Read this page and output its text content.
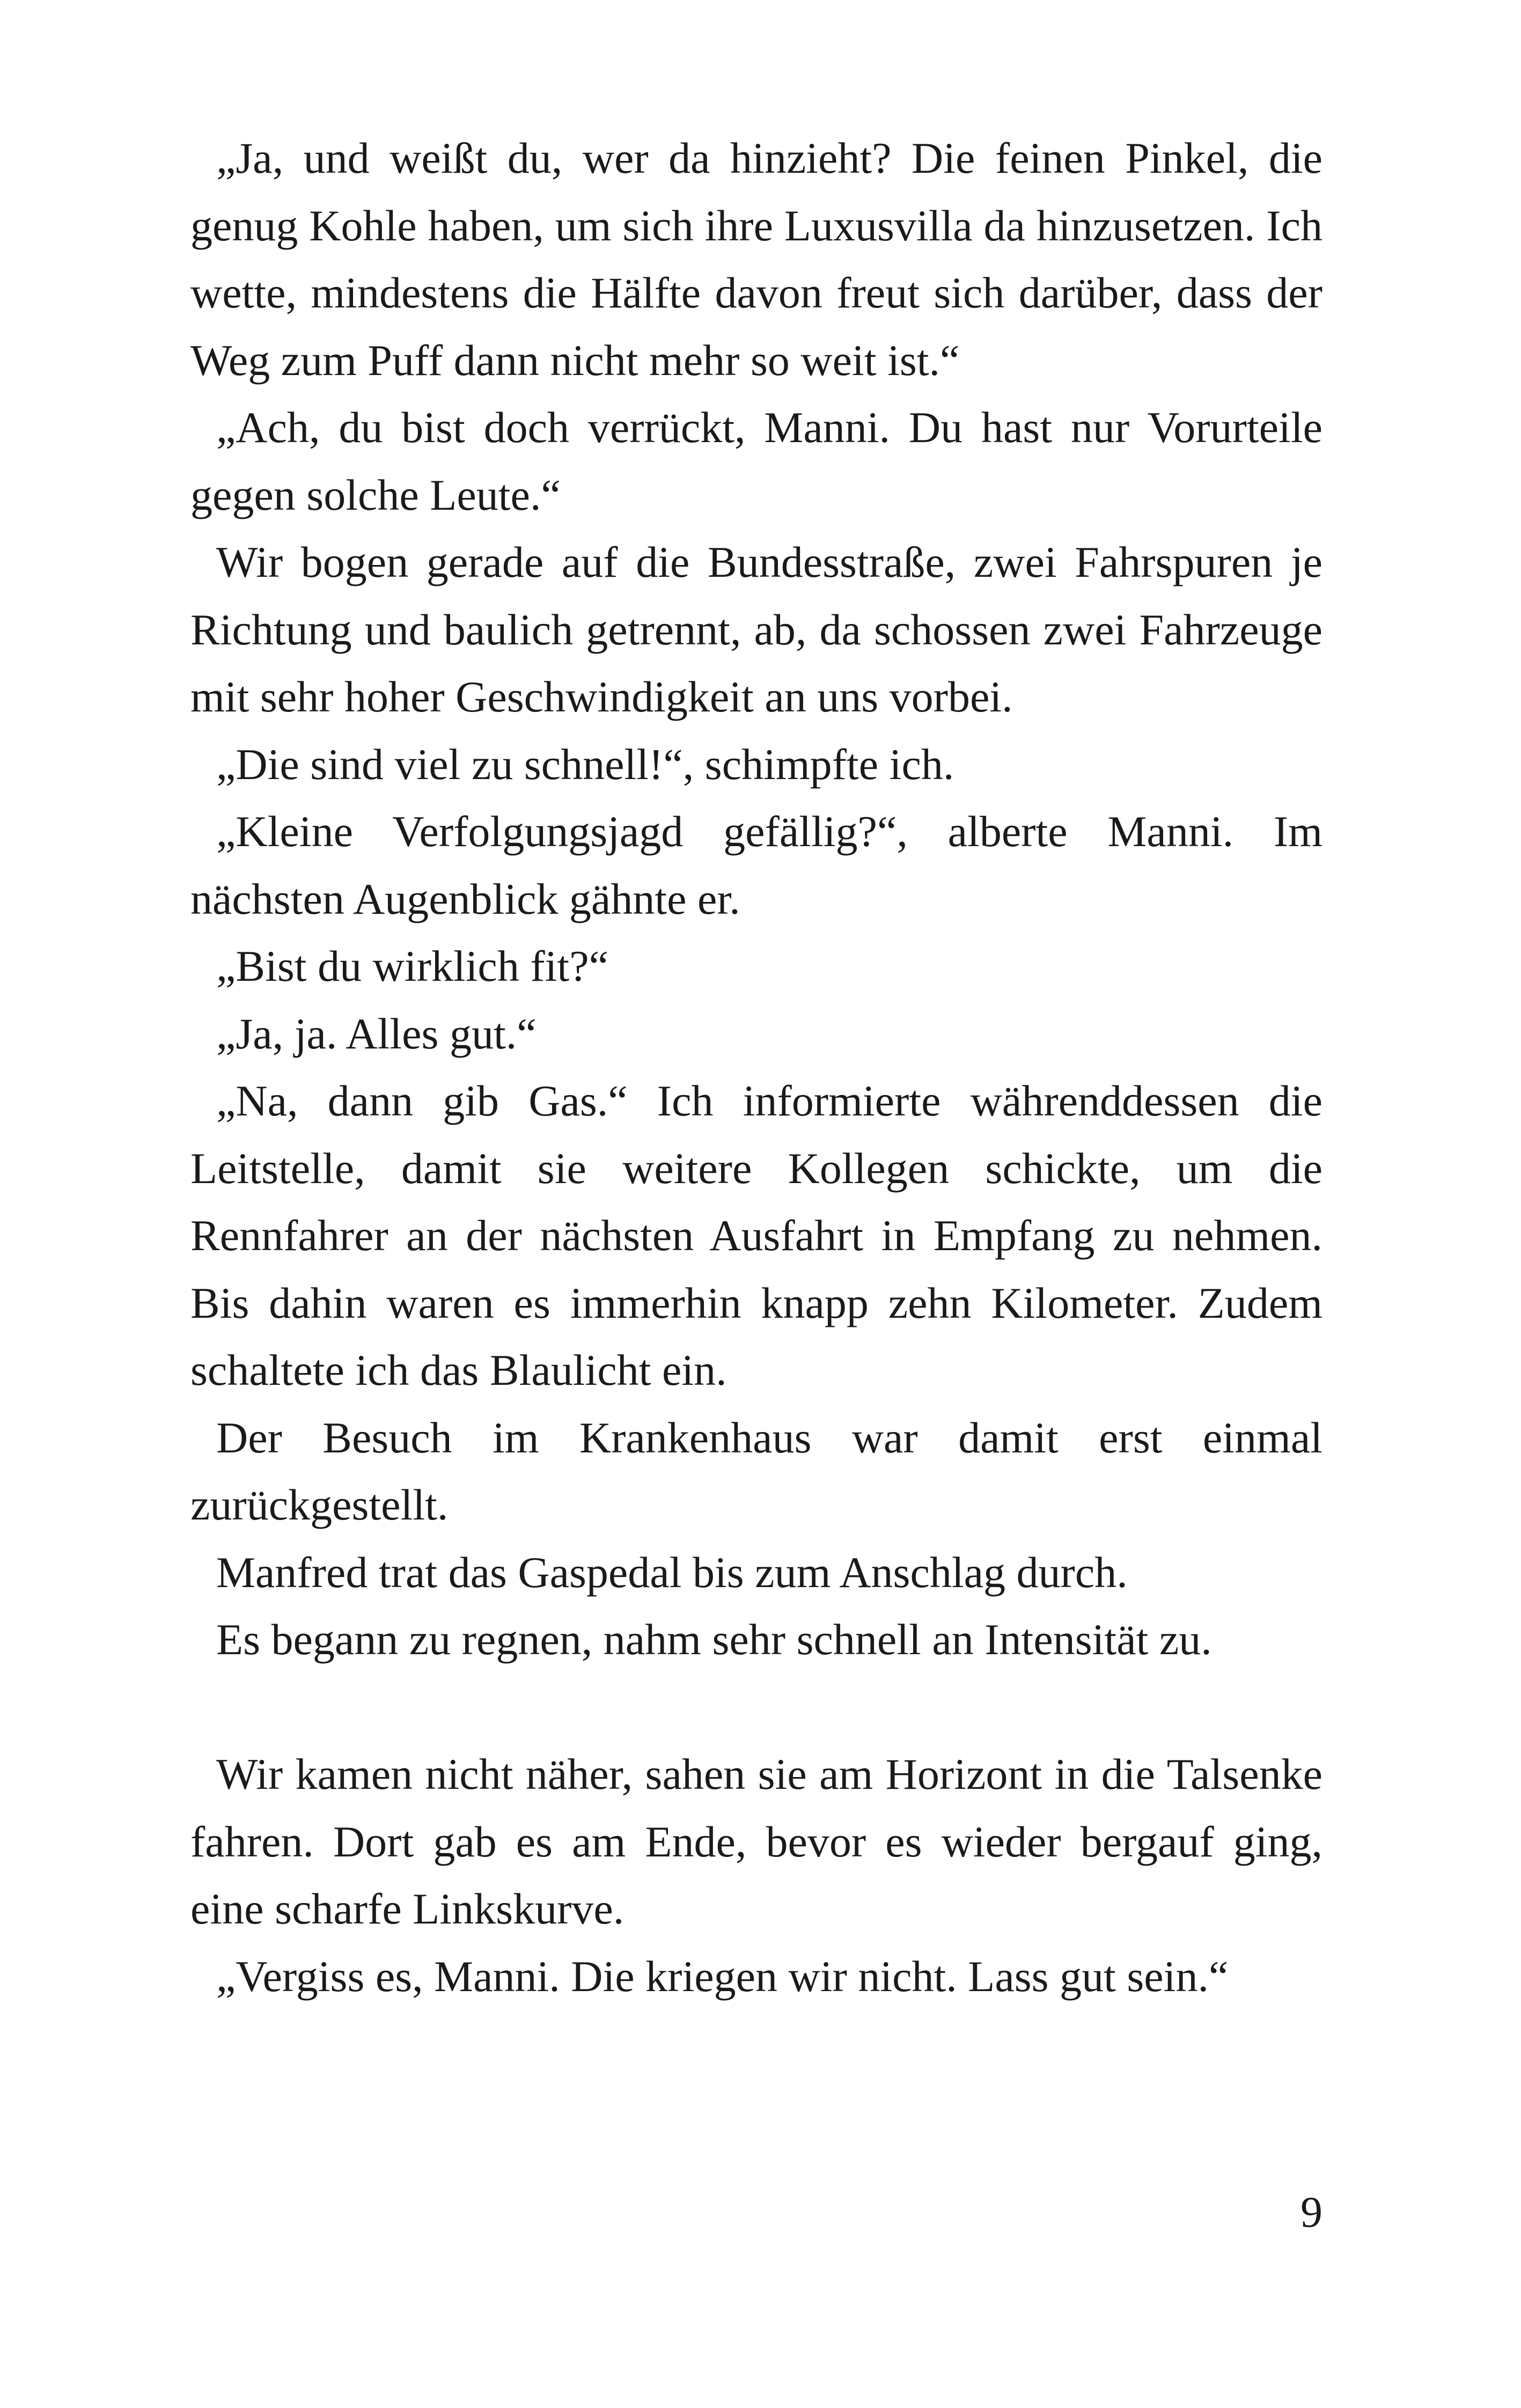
„Ja, und weißt du, wer da hinzieht? Die feinen Pinkel, die genug Kohle haben, um sich ihre Luxusvilla da hinzusetzen. Ich wette, mindestens die Hälfte davon freut sich darüber, dass der Weg zum Puff dann nicht mehr so weit ist.“

„Ach, du bist doch verrückt, Manni. Du hast nur Vorurteile gegen solche Leute.“

Wir bogen gerade auf die Bundesstraße, zwei Fahrspuren je Richtung und baulich getrennt, ab, da schossen zwei Fahrzeuge mit sehr hoher Geschwindigkeit an uns vorbei.

„Die sind viel zu schnell!“, schimpfte ich.

„Kleine Verfolgungsjagd gefällig?“, alberte Manni. Im nächsten Augenblick gähnte er.

„Bist du wirklich fit?“

„Ja, ja. Alles gut.“

„Na, dann gib Gas.“ Ich informierte währenddessen die Leitstelle, damit sie weitere Kollegen schickte, um die Rennfahrer an der nächsten Ausfahrt in Empfang zu nehmen. Bis dahin waren es immerhin knapp zehn Kilometer. Zudem schaltete ich das Blaulicht ein.

Der Besuch im Krankenhaus war damit erst einmal zurückgestellt.

Manfred trat das Gaspedal bis zum Anschlag durch.

Es begann zu regnen, nahm sehr schnell an Intensität zu.

Wir kamen nicht näher, sahen sie am Horizont in die Talsenke fahren. Dort gab es am Ende, bevor es wieder bergauf ging, eine scharfe Linkskurve.

„Vergiss es, Manni. Die kriegen wir nicht. Lass gut sein.“

9
